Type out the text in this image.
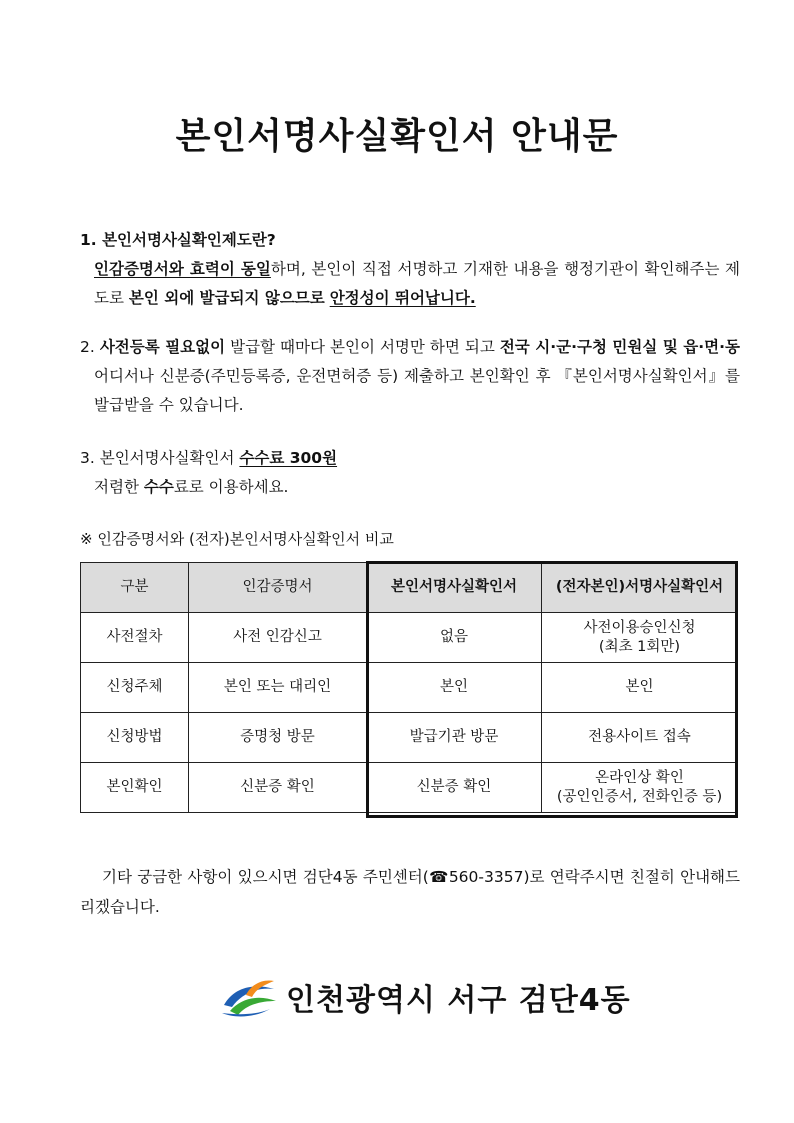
본인서명사실확인서 안내문
1. 본인서명사실확인제도란?
인감증명서와 효력이 동일하며, 본인이 직접 서명하고 기재한 내용을 행정기관이 확인해주는 제도로 본인 외에 발급되지 않으므로 안정성이 뛰어납니다.
2. 사전등록 필요없이 발급할 때마다 본인이 서명만 하면 되고 전국 시·군·구청 민원실 및 읍·면·동 어디서나 신분증(주민등록증, 운전면허증 등) 제출하고 본인확인 후 『본인서명사실확인서』를 발급받을 수 있습니다.
3. 본인서명사실확인서 수수료 300원
저렴한 수수료로 이용하세요.
※ 인감증명서와 (전자)본인서명사실확인서 비교
구분	인감증명서	본인서명사실확인서	(전자본인)서명사실확인서
사전절차	사전 인감신고	없음	사전이용승인신청
(최초 1회만)

신청주체	본인 또는 대리인	본인	본인
신청방법	증명청 방문	발급기관 방문	전용사이트 접속
본인확인	신분증 확인	신분증 확인	온라인상 확인
(공인인증서, 전화인증 등)
기타 궁금한 사항이 있으시면 검단4동 주민센터(☎560-3357)로 연락주시면 친절히 안내해드리겠습니다.
인천광역시 서구 검단4동
